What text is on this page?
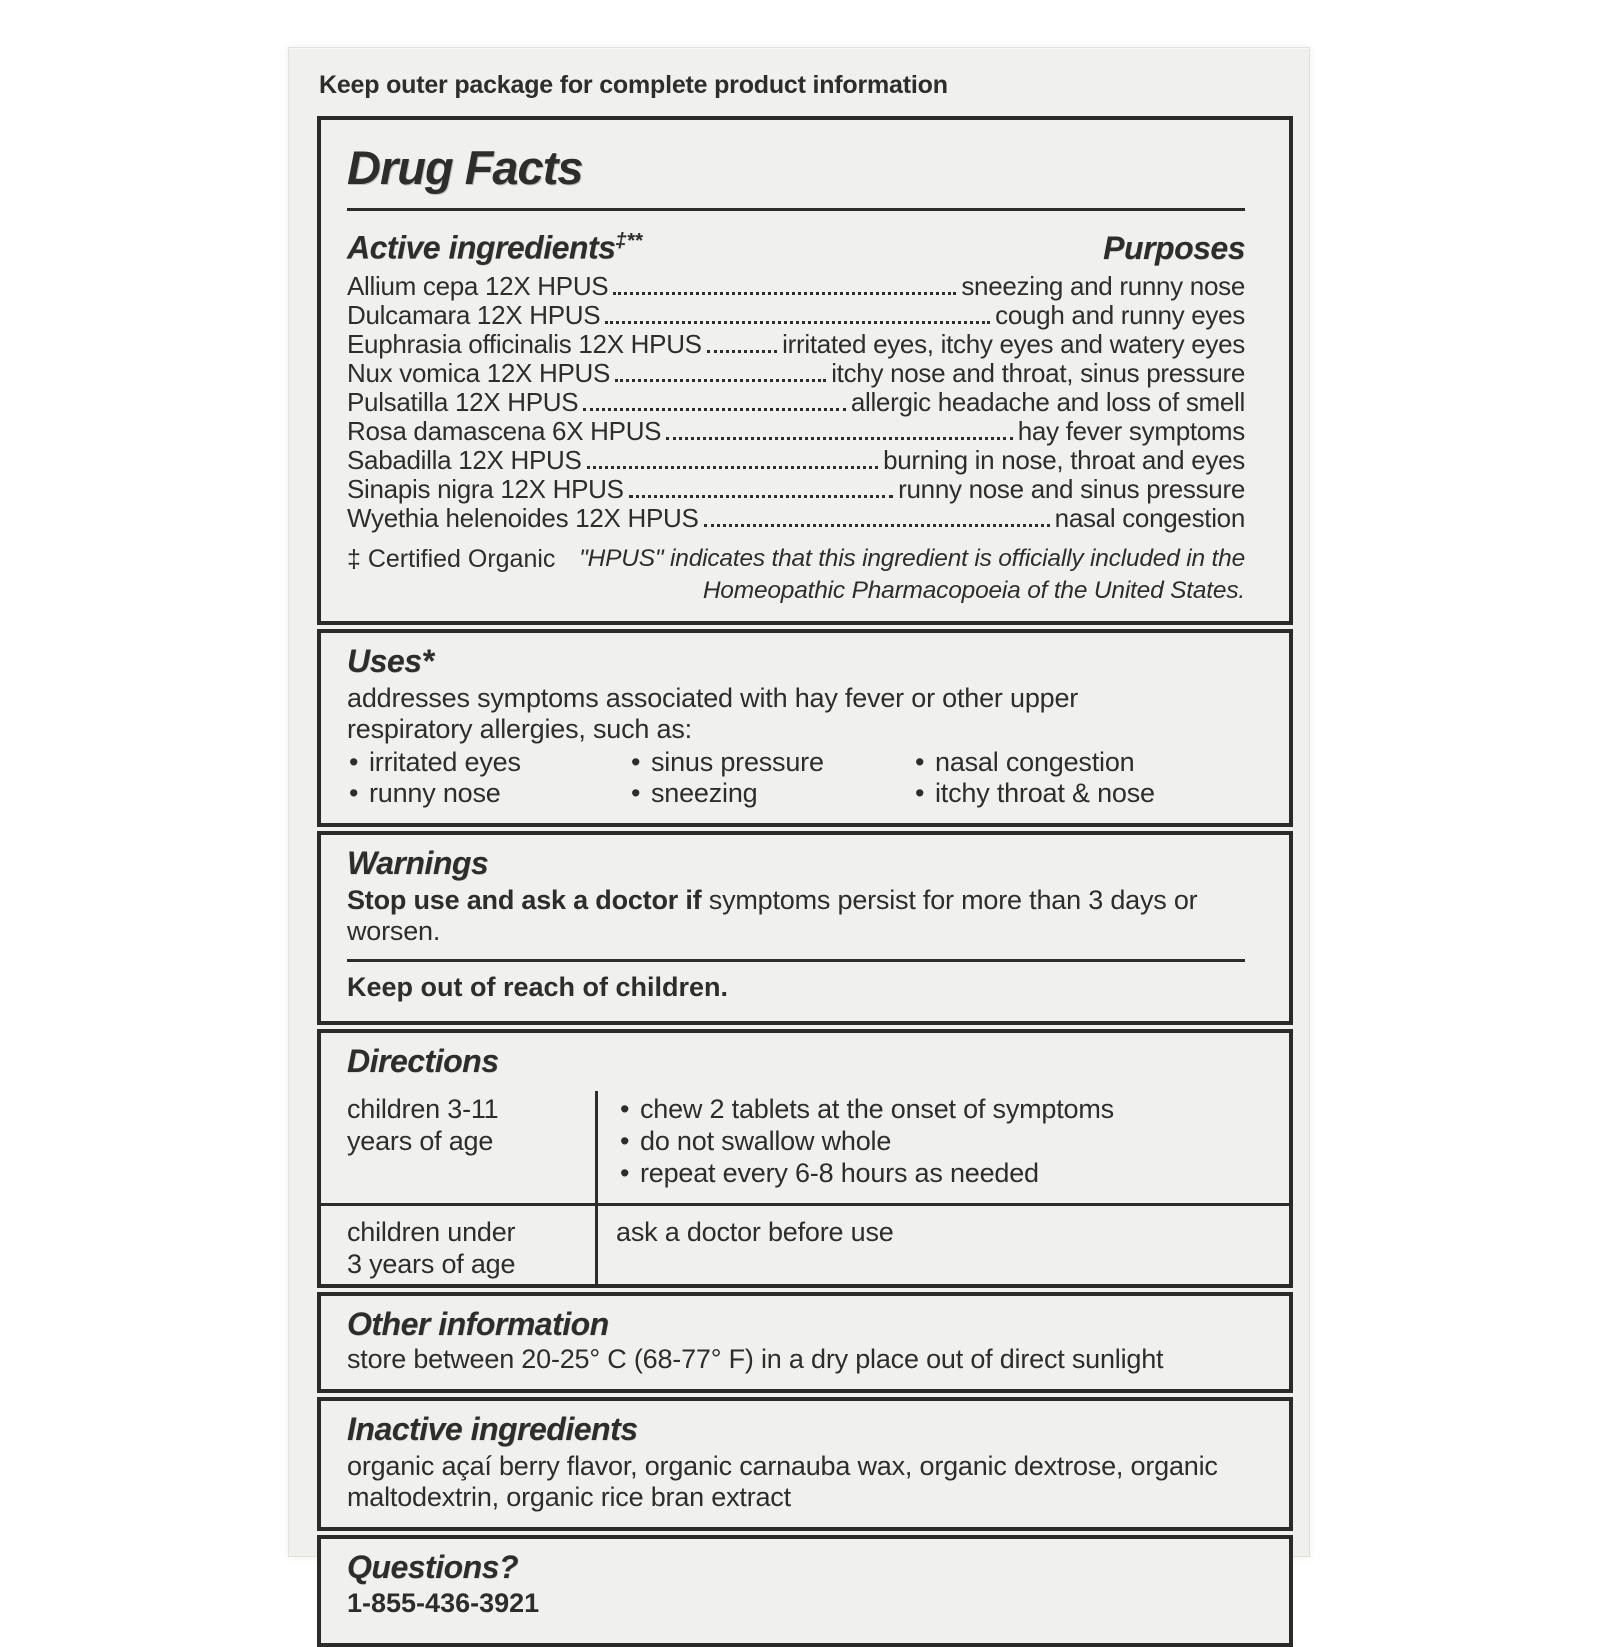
Keep outer package for complete product information
Drug Facts
Active ingredients‡**	Purposes
Allium cepa 12X HPUS	sneezing and runny nose
Dulcamara 12X HPUS	cough and runny eyes
Euphrasia officinalis 12X HPUS	irritated eyes, itchy eyes and watery eyes
Nux vomica 12X HPUS	itchy nose and throat, sinus pressure
Pulsatilla 12X HPUS	allergic headache and loss of smell
Rosa damascena 6X HPUS	hay fever symptoms
Sabadilla 12X HPUS	burning in nose, throat and eyes
Sinapis nigra 12X HPUS	runny nose and sinus pressure
Wyethia helenoides 12X HPUS	nasal congestion
‡ Certified Organic "HPUS" indicates that this ingredient is officially included in the Homeopathic Pharmacopoeia of the United States.
Uses*

addresses symptoms associated with hay fever or other upper respiratory allergies, such as:

• irritated eyes	• sinus pressure	• nasal congestion
• runny nose	• sneezing	• itchy throat & nose
Warnings

Stop use and ask a doctor if symptoms persist for more than 3 days or worsen.

Keep out of reach of children.

Directions
children 3-11 years of age
• chew 2 tablets at the onset of symptoms
• do not swallow whole
• repeat every 6-8 hours as needed
children under 3 years of age
ask a doctor before use
Other information

store between 20-25° C (68-77° F) in a dry place out of direct sunlight

Inactive ingredients

organic açaí berry flavor, organic carnauba wax, organic dextrose, organic maltodextrin, organic rice bran extract

Questions?

1-855-436-3921
